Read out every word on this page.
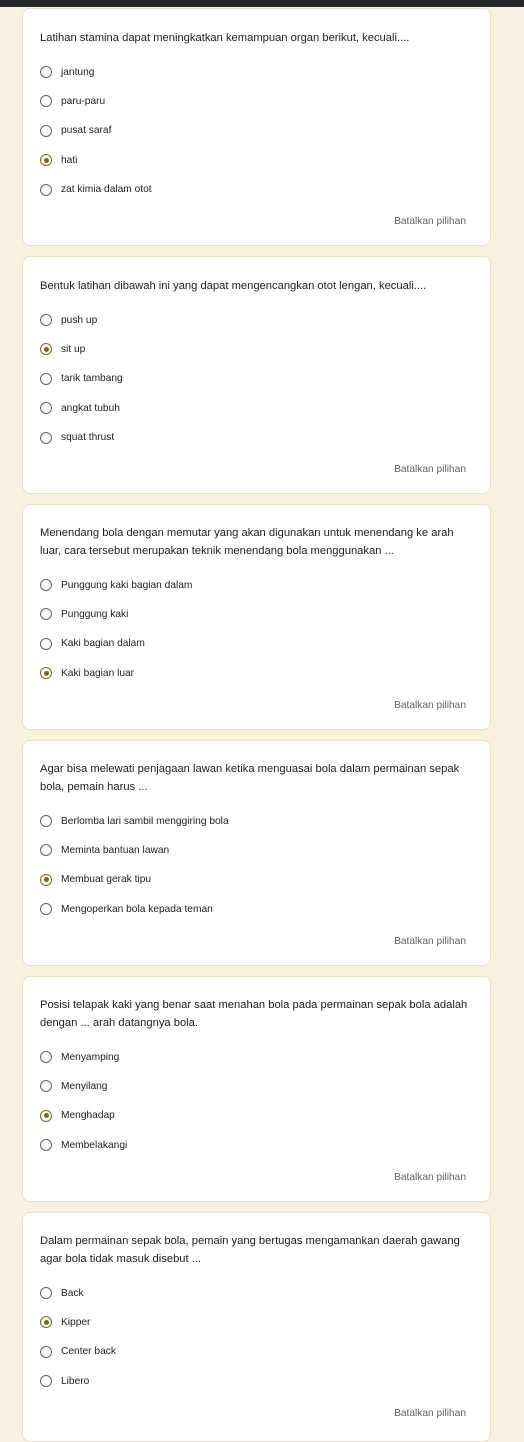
Latihan stamina dapat meningkatkan kemampuan organ berikut, kecuali....
jantung
paru-paru
pusat saraf
hati
zat kimia dalam otot
Batalkan pilihan
Bentuk latihan dibawah ini yang dapat mengencangkan otot lengan, kecuali....
push up
sit up
tarik tambang
angkat tubuh
squat thrust
Batalkan pilihan
Menendang bola dengan memutar yang akan digunakan untuk menendang ke arah luar, cara tersebut merupakan teknik menendang bola menggunakan ...
Punggung kaki bagian dalam
Punggung kaki
Kaki bagian dalam
Kaki bagian luar
Batalkan pilihan
Agar bisa melewati penjagaan lawan ketika menguasai bola dalam permainan sepak bola, pemain harus ...
Berlomba lari sambil menggiring bola
Meminta bantuan lawan
Membuat gerak tipu
Mengoperkan bola kepada teman
Batalkan pilihan
Posisi telapak kaki yang benar saat menahan bola pada permainan sepak bola adalah dengan ... arah datangnya bola.
Menyamping
Menyilang
Menghadap
Membelakangi
Batalkan pilihan
Dalam permainan sepak bola, pemain yang bertugas mengamankan daerah gawang agar bola tidak masuk disebut ...
Back
Kipper
Center back
Libero
Batalkan pilihan
